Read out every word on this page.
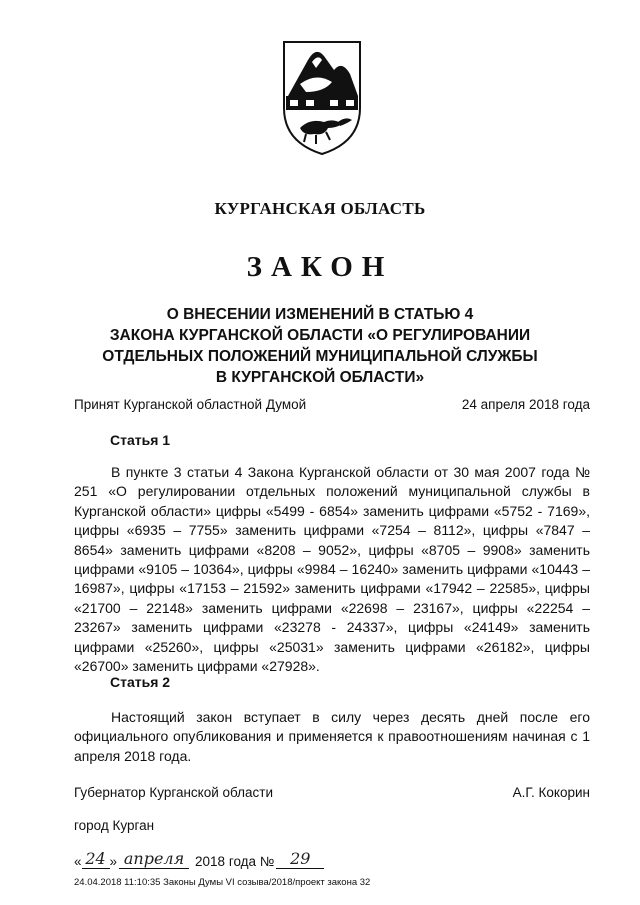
КУРГАНСКАЯ ОБЛАСТЬ
ЗАКОН
О ВНЕСЕНИИ ИЗМЕНЕНИЙ В СТАТЬЮ 4
ЗАКОНА КУРГАНСКОЙ ОБЛАСТИ «О РЕГУЛИРОВАНИИ
ОТДЕЛЬНЫХ ПОЛОЖЕНИЙ МУНИЦИПАЛЬНОЙ СЛУЖБЫ
В КУРГАНСКОЙ ОБЛАСТИ»
Принят Курганской областной Думой	24 апреля 2018 года
Статья 1

В пункте 3 статьи 4 Закона Курганской области от 30 мая 2007 года № 251 «О регулировании отдельных положений муниципальной службы в Курганской области» цифры «5499 - 6854» заменить цифрами «5752 - 7169», цифры «6935 – 7755» заменить цифрами «7254 – 8112», цифры «7847 – 8654» заменить цифрами «8208 – 9052», цифры «8705 – 9908» заменить цифрами «9105 – 10364», цифры «9984 – 16240» заменить цифрами «10443 – 16987», цифры «17153 – 21592» заменить цифрами «17942 – 22585», цифры «21700 – 22148» заменить цифрами «22698 – 23167», цифры «22254 – 23267» заменить цифрами «23278 - 24337», цифры «24149» заменить цифрами «25260», цифры «25031» заменить цифрами «26182», цифры «26700» заменить цифрами «27928».

Статья 2

Настоящий закон вступает в силу через десять дней после его официального опубликования и применяется к правоотношениям начиная с 1 апреля 2018 года.

Губернатор Курганской области	А.Г. Кокорин
город Курган
« 24 » апреля 2018 года № 29
24.04.2018 11:10:35 Законы Думы VI созыва/2018/проект закона 32
